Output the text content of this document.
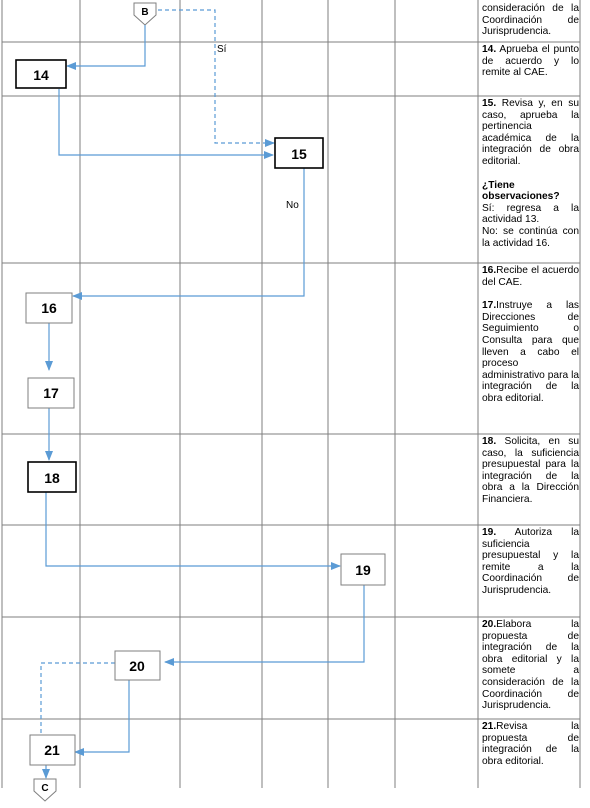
B
C
Sí
No
14
15
16
17
18
19
20
21

consideración de la Coordinación de Jurisprudencia.

14. Aprueba el punto de acuerdo y lo remite al CAE.

15. Revisa y, en su caso, aprueba la pertinencia académica de la integración de obra editorial.

¿Tiene observaciones?
Sí: regresa a la actividad 13.
No: se continúa con la actividad 16.

16.Recibe el acuerdo del CAE.

17.Instruye a las Direcciones de Seguimiento o Consulta para que lleven a cabo el proceso administrativo para la integración de la obra editorial.

18. Solicita, en su caso, la suficiencia presupuestal para la integración de la obra a la Dirección Financiera.

19. Autoriza la suficiencia presupuestal y la remite a la Coordinación de Jurisprudencia.

20.Elabora la propuesta de integración de la obra editorial y la somete a consideración de la Coordinación de Jurisprudencia.

21.Revisa la propuesta de integración de la obra editorial.
